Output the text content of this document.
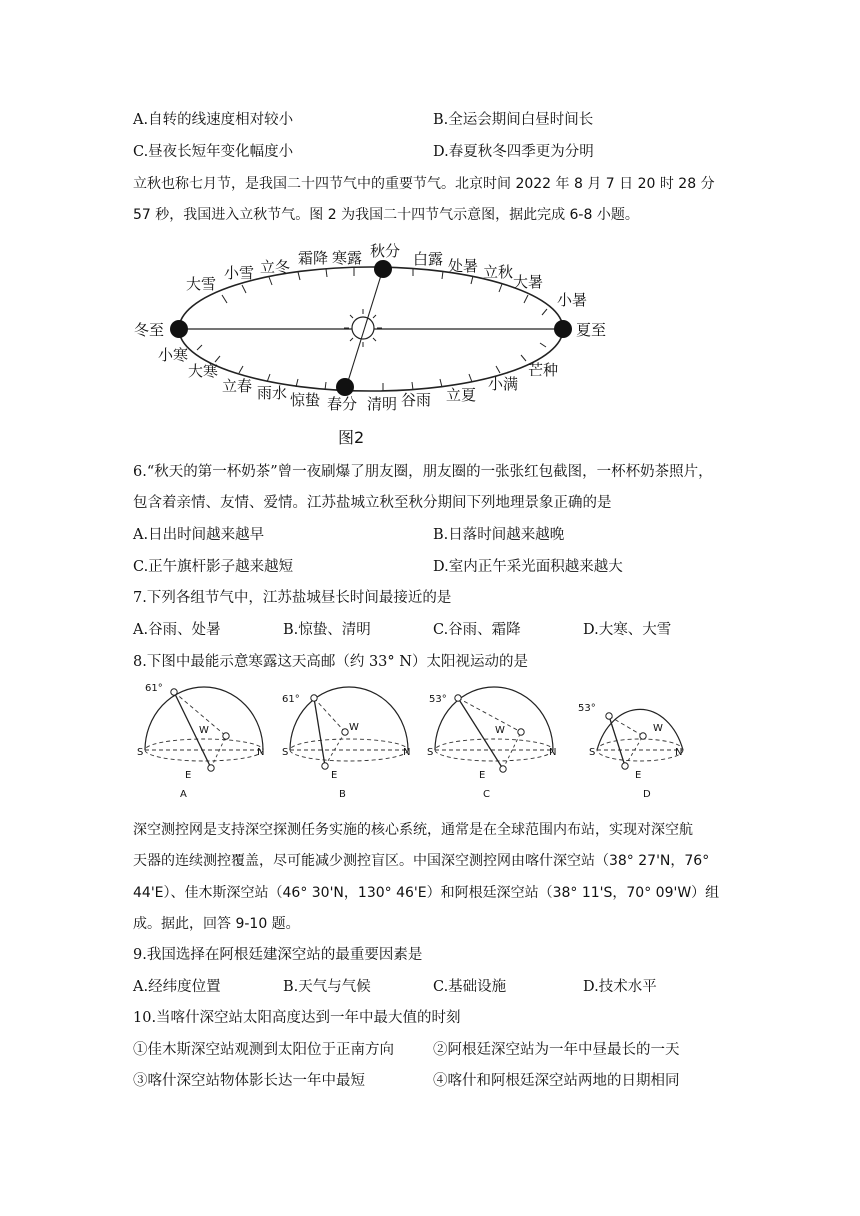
A.自转的线速度相对较小	B.全运会期间白昼时间长
C.昼夜长短年变化幅度小	D.春夏秋冬四季更为分明
立秋也称七月节，是我国二十四节气中的重要节气。北京时间 2022 年 8 月 7 日 20 时 28 分
57 秒，我国进入立秋节气。图 2 为我国二十四节气示意图，据此完成 6-8 小题。
冬至
小寒
大寒
立春 雨水 惊蛰 春分 清明 谷雨 立夏
小满
芒种
夏至
小暑
大暑
立秋
处暑
白露
秋分
寒露
霜降
立冬
小雪
大雪
图2
6.“秋天的第一杯奶茶”曾一夜刷爆了朋友圈，朋友圈的一张张红包截图，一杯杯奶茶照片，
包含着亲情、友情、爱情。江苏盐城立秋至秋分期间下列地理景象正确的是
A.日出时间越来越早	B.日落时间越来越晚
C.正午旗杆影子越来越短	D.室内正午采光面积越来越大
7.下列各组节气中，江苏盐城昼长时间最接近的是
A.谷雨、处暑	B.惊蛰、清明	C.谷雨、霜降	D.大寒、大雪
8.下图中最能示意寒露这天高邮（约 33° N）太阳视运动的是
61°
S	N
E
W
A
61°
S	N
E
W
B
53°
S	N
E
W
C
53°
S	N
E
W
D
深空测控网是支持深空探测任务实施的核心系统，通常是在全球范围内布站，实现对深空航
天器的连续测控覆盖，尽可能减少测控盲区。中国深空测控网由喀什深空站（38° 27'N，76°
44'E）、佳木斯深空站（46° 30'N，130° 46'E）和阿根廷深空站（38° 11'S，70° 09'W）组
成。据此，回答 9-10 题。
9.我国选择在阿根廷建深空站的最重要因素是
A.经纬度位置	B.天气与气候	C.基础设施	D.技术水平
10.当喀什深空站太阳高度达到一年中最大值的时刻
①佳木斯深空站观测到太阳位于正南方向	②阿根廷深空站为一年中昼最长的一天
③喀什深空站物体影长达一年中最短	④喀什和阿根廷深空站两地的日期相同
